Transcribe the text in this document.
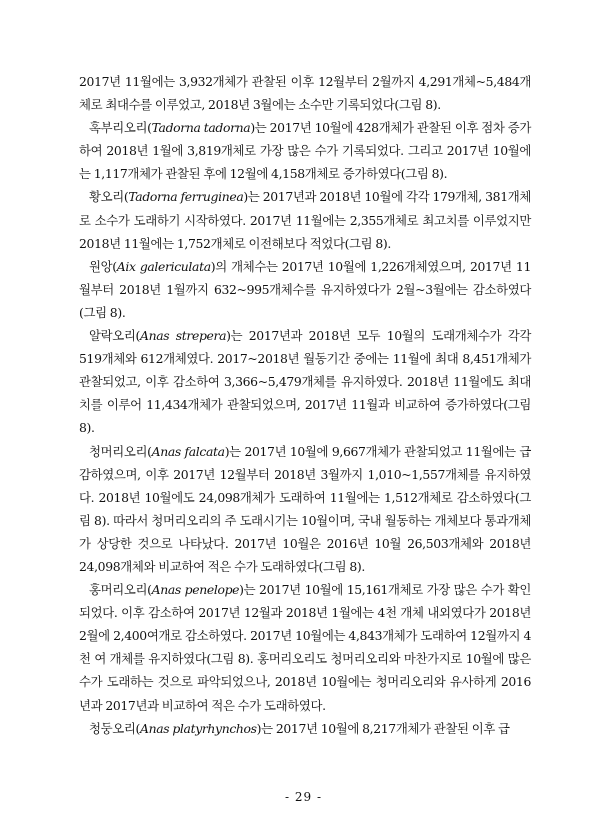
2017년 11월에는 3,932개체가 관찰된 이후 12월부터 2월까지 4,291개체~5,484개체로 최대수를 이루었고, 2018년 3월에는 소수만 기록되었다(그림 8).

혹부리오리(Tadorna tadorna)는 2017년 10월에 428개체가 관찰된 이후 점차 증가하여 2018년 1월에 3,819개체로 가장 많은 수가 기록되었다. 그리고 2017년 10월에는 1,117개체가 관찰된 후에 12월에 4,158개체로 증가하였다(그림 8).

황오리(Tadorna ferruginea)는 2017년과 2018년 10월에 각각 179개체, 381개체로 소수가 도래하기 시작하였다. 2017년 11월에는 2,355개체로 최고치를 이루었지만 2018년 11월에는 1,752개체로 이전해보다 적었다(그림 8).

원앙(Aix galericulata)의 개체수는 2017년 10월에 1,226개체였으며, 2017년 11월부터 2018년 1월까지 632~995개체수를 유지하였다가 2월~3월에는 감소하였다(그림 8).

알락오리(Anas strepera)는 2017년과 2018년 모두 10월의 도래개체수가 각각 519개체와 612개체였다. 2017~2018년 월동기간 중에는 11월에 최대 8,451개체가 관찰되었고, 이후 감소하여 3,366~5,479개체를 유지하였다. 2018년 11월에도 최대치를 이루어 11,434개체가 관찰되었으며, 2017년 11월과 비교하여 증가하였다(그림 8).

청머리오리(Anas falcata)는 2017년 10월에 9,667개체가 관찰되었고 11월에는 급감하였으며, 이후 2017년 12월부터 2018년 3월까지 1,010~1,557개체를 유지하였다. 2018년 10월에도 24,098개체가 도래하여 11월에는 1,512개체로 감소하였다(그림 8). 따라서 청머리오리의 주 도래시기는 10월이며, 국내 월동하는 개체보다 통과개체가 상당한 것으로 나타났다. 2017년 10월은 2016년 10월 26,503개체와 2018년 24,098개체와 비교하여 적은 수가 도래하였다(그림 8).

홍머리오리(Anas penelope)는 2017년 10월에 15,161개체로 가장 많은 수가 확인되었다. 이후 감소하여 2017년 12월과 2018년 1월에는 4천 개체 내외였다가 2018년 2월에 2,400여개로 감소하였다. 2017년 10월에는 4,843개체가 도래하여 12월까지 4천 여 개체를 유지하였다(그림 8). 홍머리오리도 청머리오리와 마찬가지로 10월에 많은 수가 도래하는 것으로 파악되었으나, 2018년 10월에는 청머리오리와 유사하게 2016년과 2017년과 비교하여 적은 수가 도래하였다.

청둥오리(Anas platyrhynchos)는 2017년 10월에 8,217개체가 관찰된 이후 급

- 29 -
